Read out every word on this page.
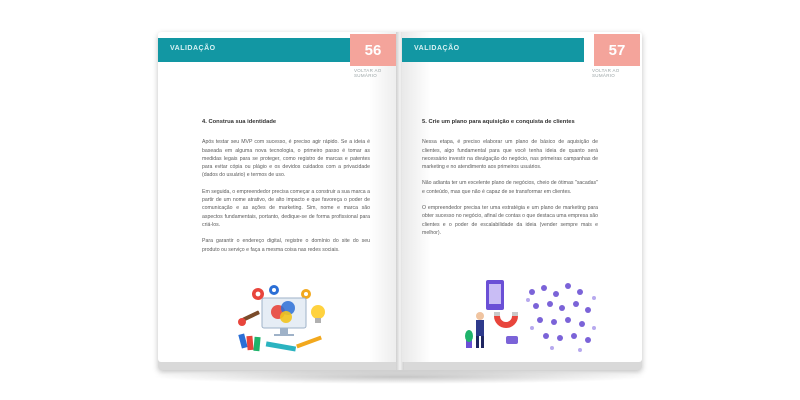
VALIDAÇÃO	56
VOLTAR AO SUMÁRIO
4. Construa sua identidade

Após testar seu MVP com sucesso, é preciso agir rápido. Se a ideia é baseada em alguma nova tecnologia, o primeiro passo é tomar as medidas legais para se proteger, como registro de marcas e patentes para evitar cópia ou plágio e os devidos cuidados com a privacidade (dados do usuário) e termos de uso.

Em seguida, o empreendedor precisa começar a construir a sua marca a partir de um nome atrativo, de alto impacto e que favoreça o poder de comunicação e as ações de marketing. Sim, nome e marca são aspectos fundamentais, portanto, dedique-se de forma profissional para criá-los.

Para garantir o endereço digital, registre o domínio do site do seu produto ou serviço e faça a mesma coisa nas redes sociais.

VALIDAÇÃO	57
VOLTAR AO SUMÁRIO
5. Crie um plano para aquisição e conquista de clientes

Nessa etapa, é preciso elaborar um plano de básico de aquisição de clientes, algo fundamental para que você tenha ideia de quanto será necessário investir na divulgação do negócio, nas primeiras campanhas de marketing e no atendimento aos primeiros usuários.

Não adianta ter um excelente plano de negócios, cheio de ótimas "sacadas" e conteúdo, mas que não é capaz de se transformar em clientes.

O empreendedor precisa ter uma estratégia e um plano de marketing para obter sucesso no negócio, afinal de contas o que destaca uma empresa são clientes e o poder de escalabilidade da ideia (vender sempre mais e melhor).
